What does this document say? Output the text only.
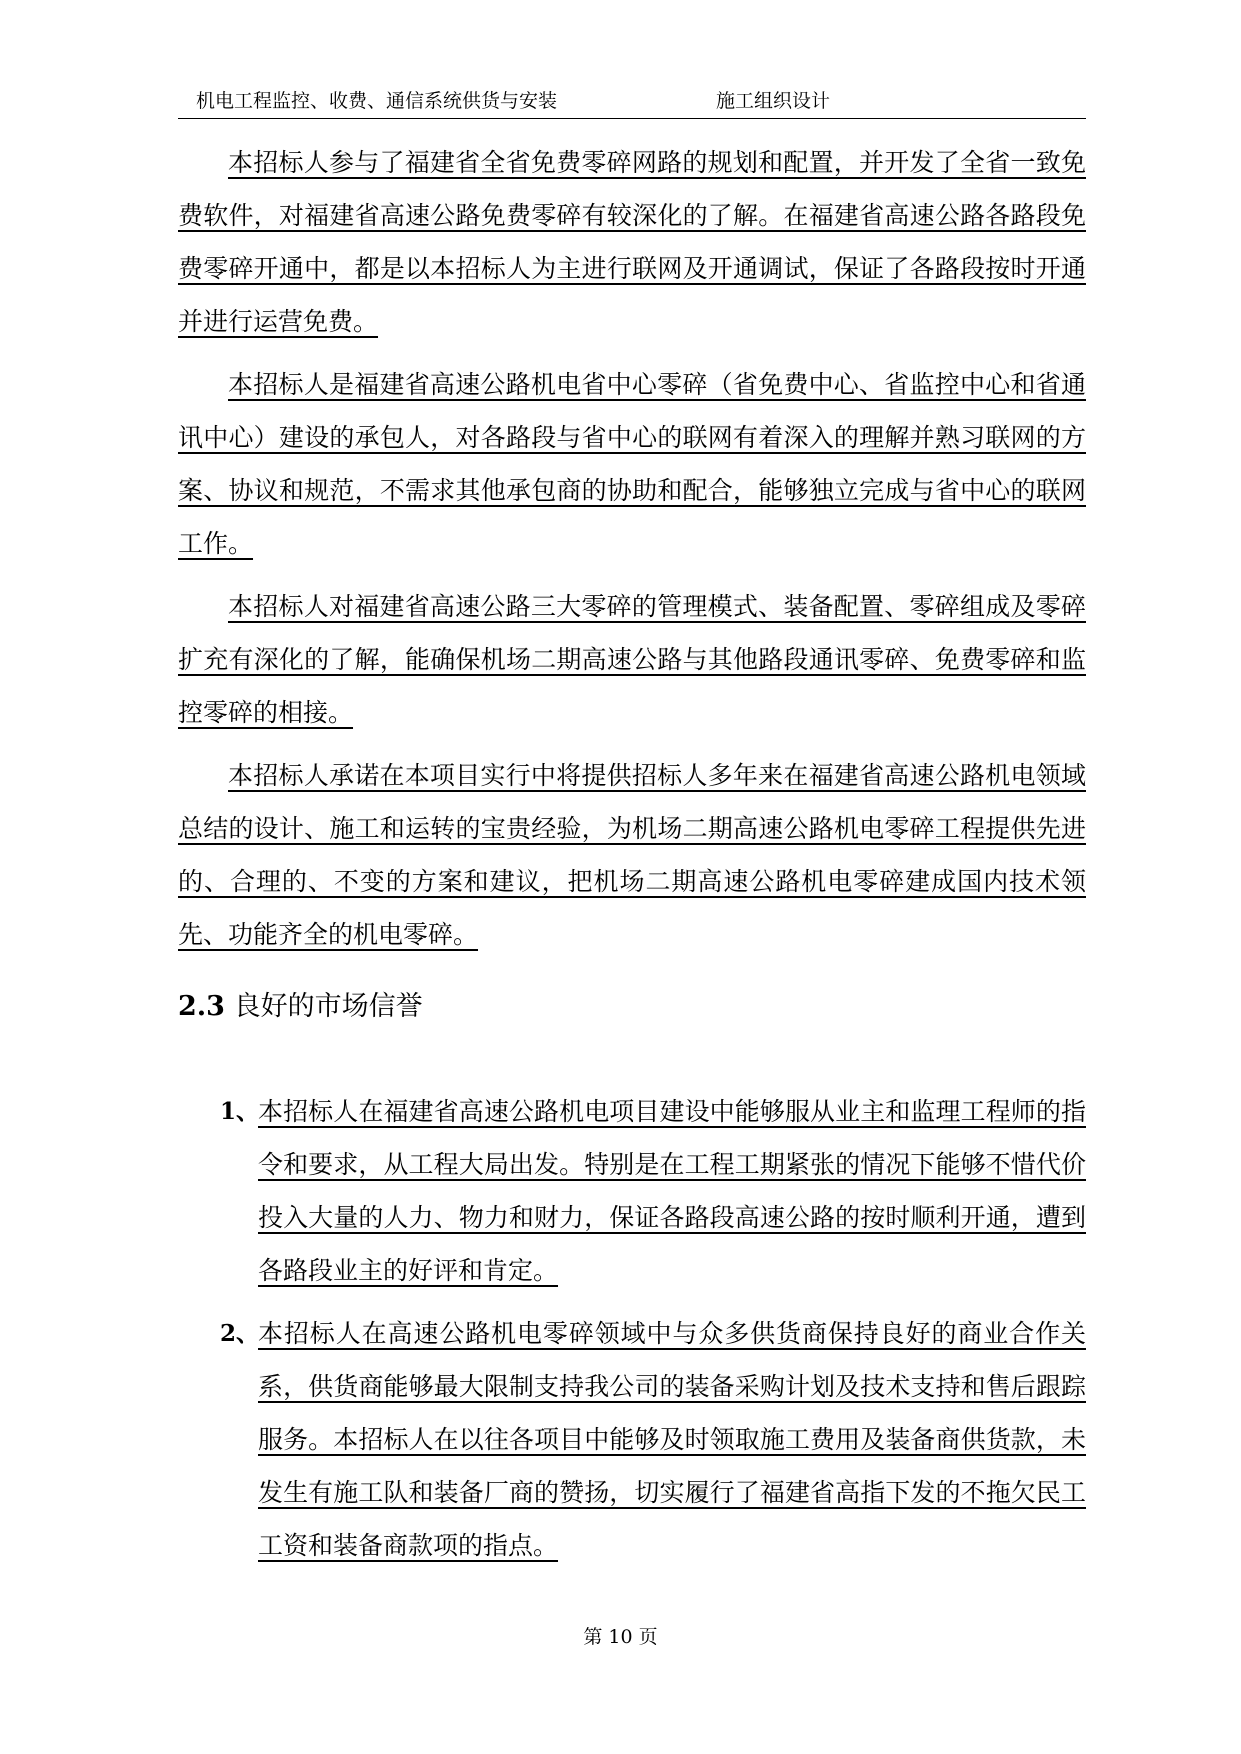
机电工程监控、收费、通信系统供货与安装	施工组织设计

本招标人参与了福建省全省免费零碎网路的规划和配置，并开发了全省一致免费软件，对福建省高速公路免费零碎有较深化的了解。在福建省高速公路各路段免费零碎开通中，都是以本招标人为主进行联网及开通调试，保证了各路段按时开通并进行运营免费。

本招标人是福建省高速公路机电省中心零碎（省免费中心、省监控中心和省通讯中心）建设的承包人，对各路段与省中心的联网有着深入的理解并熟习联网的方案、协议和规范，不需求其他承包商的协助和配合，能够独立完成与省中心的联网工作。

本招标人对福建省高速公路三大零碎的管理模式、装备配置、零碎组成及零碎扩充有深化的了解，能确保机场二期高速公路与其他路段通讯零碎、免费零碎和监控零碎的相接。

本招标人承诺在本项目实行中将提供招标人多年来在福建省高速公路机电领域总结的设计、施工和运转的宝贵经验，为机场二期高速公路机电零碎工程提供先进的、合理的、不变的方案和建议，把机场二期高速公路机电零碎建成国内技术领先、功能齐全的机电零碎。

2.3 良好的市场信誉
1、
本招标人在福建省高速公路机电项目建设中能够服从业主和监理工程师的指令和要求，从工程大局出发。特别是在工程工期紧张的情况下能够不惜代价投入大量的人力、物力和财力，保证各路段高速公路的按时顺利开通，遭到各路段业主的好评和肯定。
2、
本招标人在高速公路机电零碎领域中与众多供货商保持良好的商业合作关系，供货商能够最大限制支持我公司的装备采购计划及技术支持和售后跟踪服务。本招标人在以往各项目中能够及时领取施工费用及装备商供货款，未发生有施工队和装备厂商的赞扬，切实履行了福建省高指下发的不拖欠民工工资和装备商款项的指点。
第 10 页
